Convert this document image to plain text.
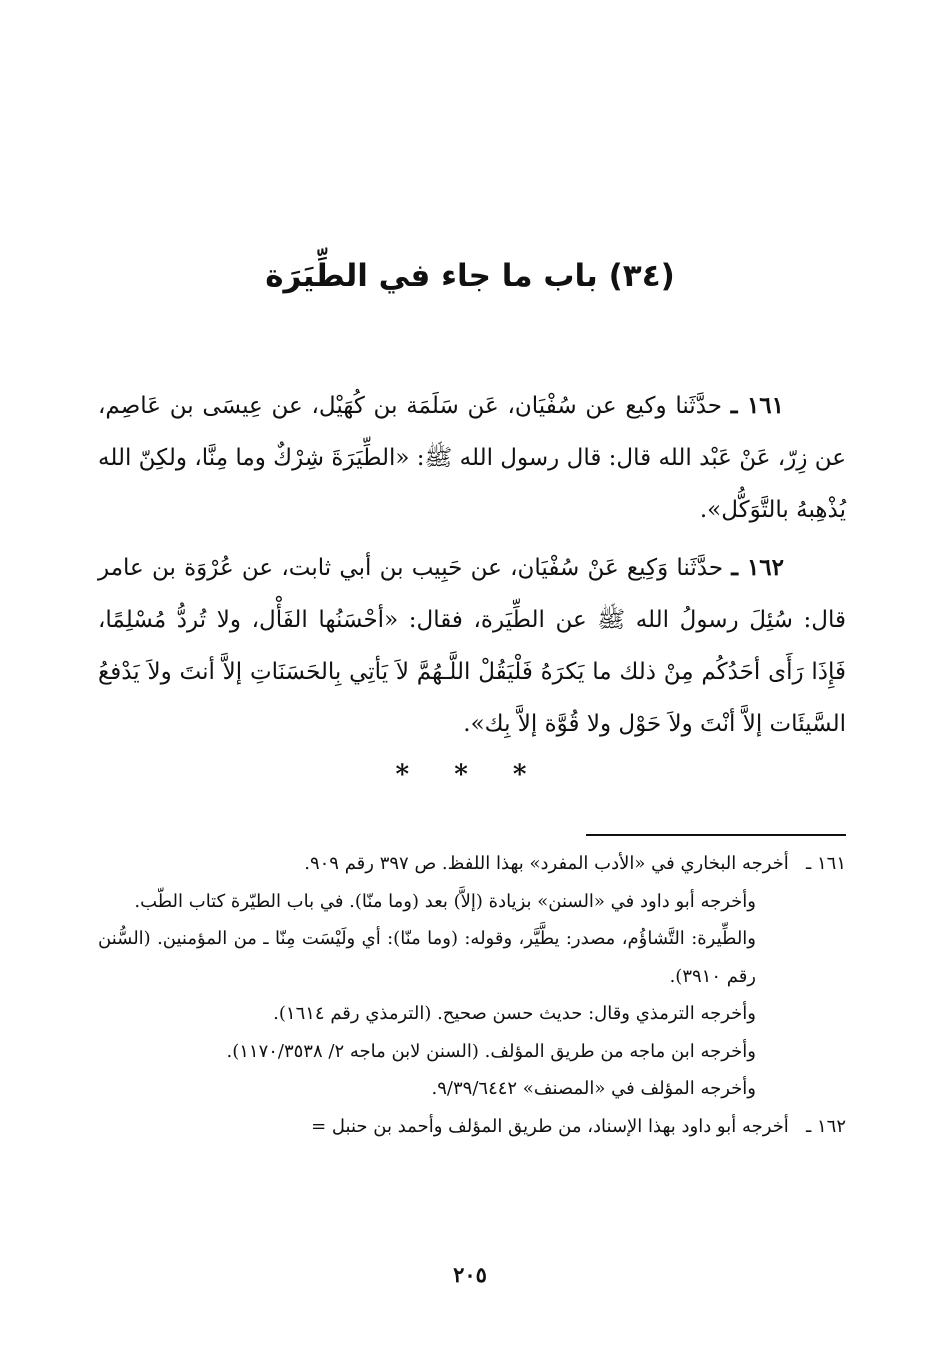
(٣٤) باب ما جاء في الطِّيَرَة

١٦١ ـ حدَّثَنا وكيع عن سُفْيَان، عَن سَلَمَة بن كُهَيْل، عن عِيسَى بن عَاصِم، عن زِرّ، عَنْ عَبْد الله قال: قال رسول الله ﷺ: «الطِّيَرَةَ شِرْكٌ وما مِنَّا، ولكِنّ الله يُذْهِبهُ بالتَّوَكُّل».

١٦٢ ـ حدَّثَنا وَكِيع عَنْ سُفْيَان، عن حَبِيب بن أبي ثابت، عن عُرْوَة بن عامر قال: سُئِلَ رسولُ الله ﷺ عن الطِّيَرة، فقال: «أحْسَنُها الفَأْل، ولا تُردُّ مُسْلِمًا، فَإِذَا رَأَى أحَدُكُم مِنْ ذلك ما يَكرَهُ فَلْيَقُلْ اللَّـهُمَّ لاَ يَأتِي بِالحَسَنَاتِ إلاَّ أنتَ ولاَ يَدْفعُ السَّيئَات إلاَّ أنْتَ ولاَ حَوْل ولا قُوَّة إلاَّ بِك».

* * *

١٦١ ـ   أخرجه البخاري في «الأدب المفرد» بهذا اللفظ. ص ٣٩٧ رقم ٩٠٩.

وأخرجه أبو داود في «السنن» بزيادة (إلاَّ) بعد (وما منّا). في باب الطيّرة كتاب الطّب.

والطِّيرة: التَّشاؤُم، مصدر: يطَّيَّر، وقوله: (وما منّا): أي ولَيْسَت مِنّا ـ من المؤمنين. (السُّنن رقم ٣٩١٠).

وأخرجه الترمذي وقال: حديث حسن صحيح. (الترمذي رقم ١٦١٤).

وأخرجه ابن ماجه من طريق المؤلف. (السنن لابن ماجه ٢/ ١١٧٠/٣٥٣٨).

وأخرجه المؤلف في «المصنف» ٩/٣٩/٦٤٤٢.

١٦٢ ـ   أخرجه أبو داود بهذا الإسناد، من طريق المؤلف وأحمد بن حنبل =

٢٠٥
